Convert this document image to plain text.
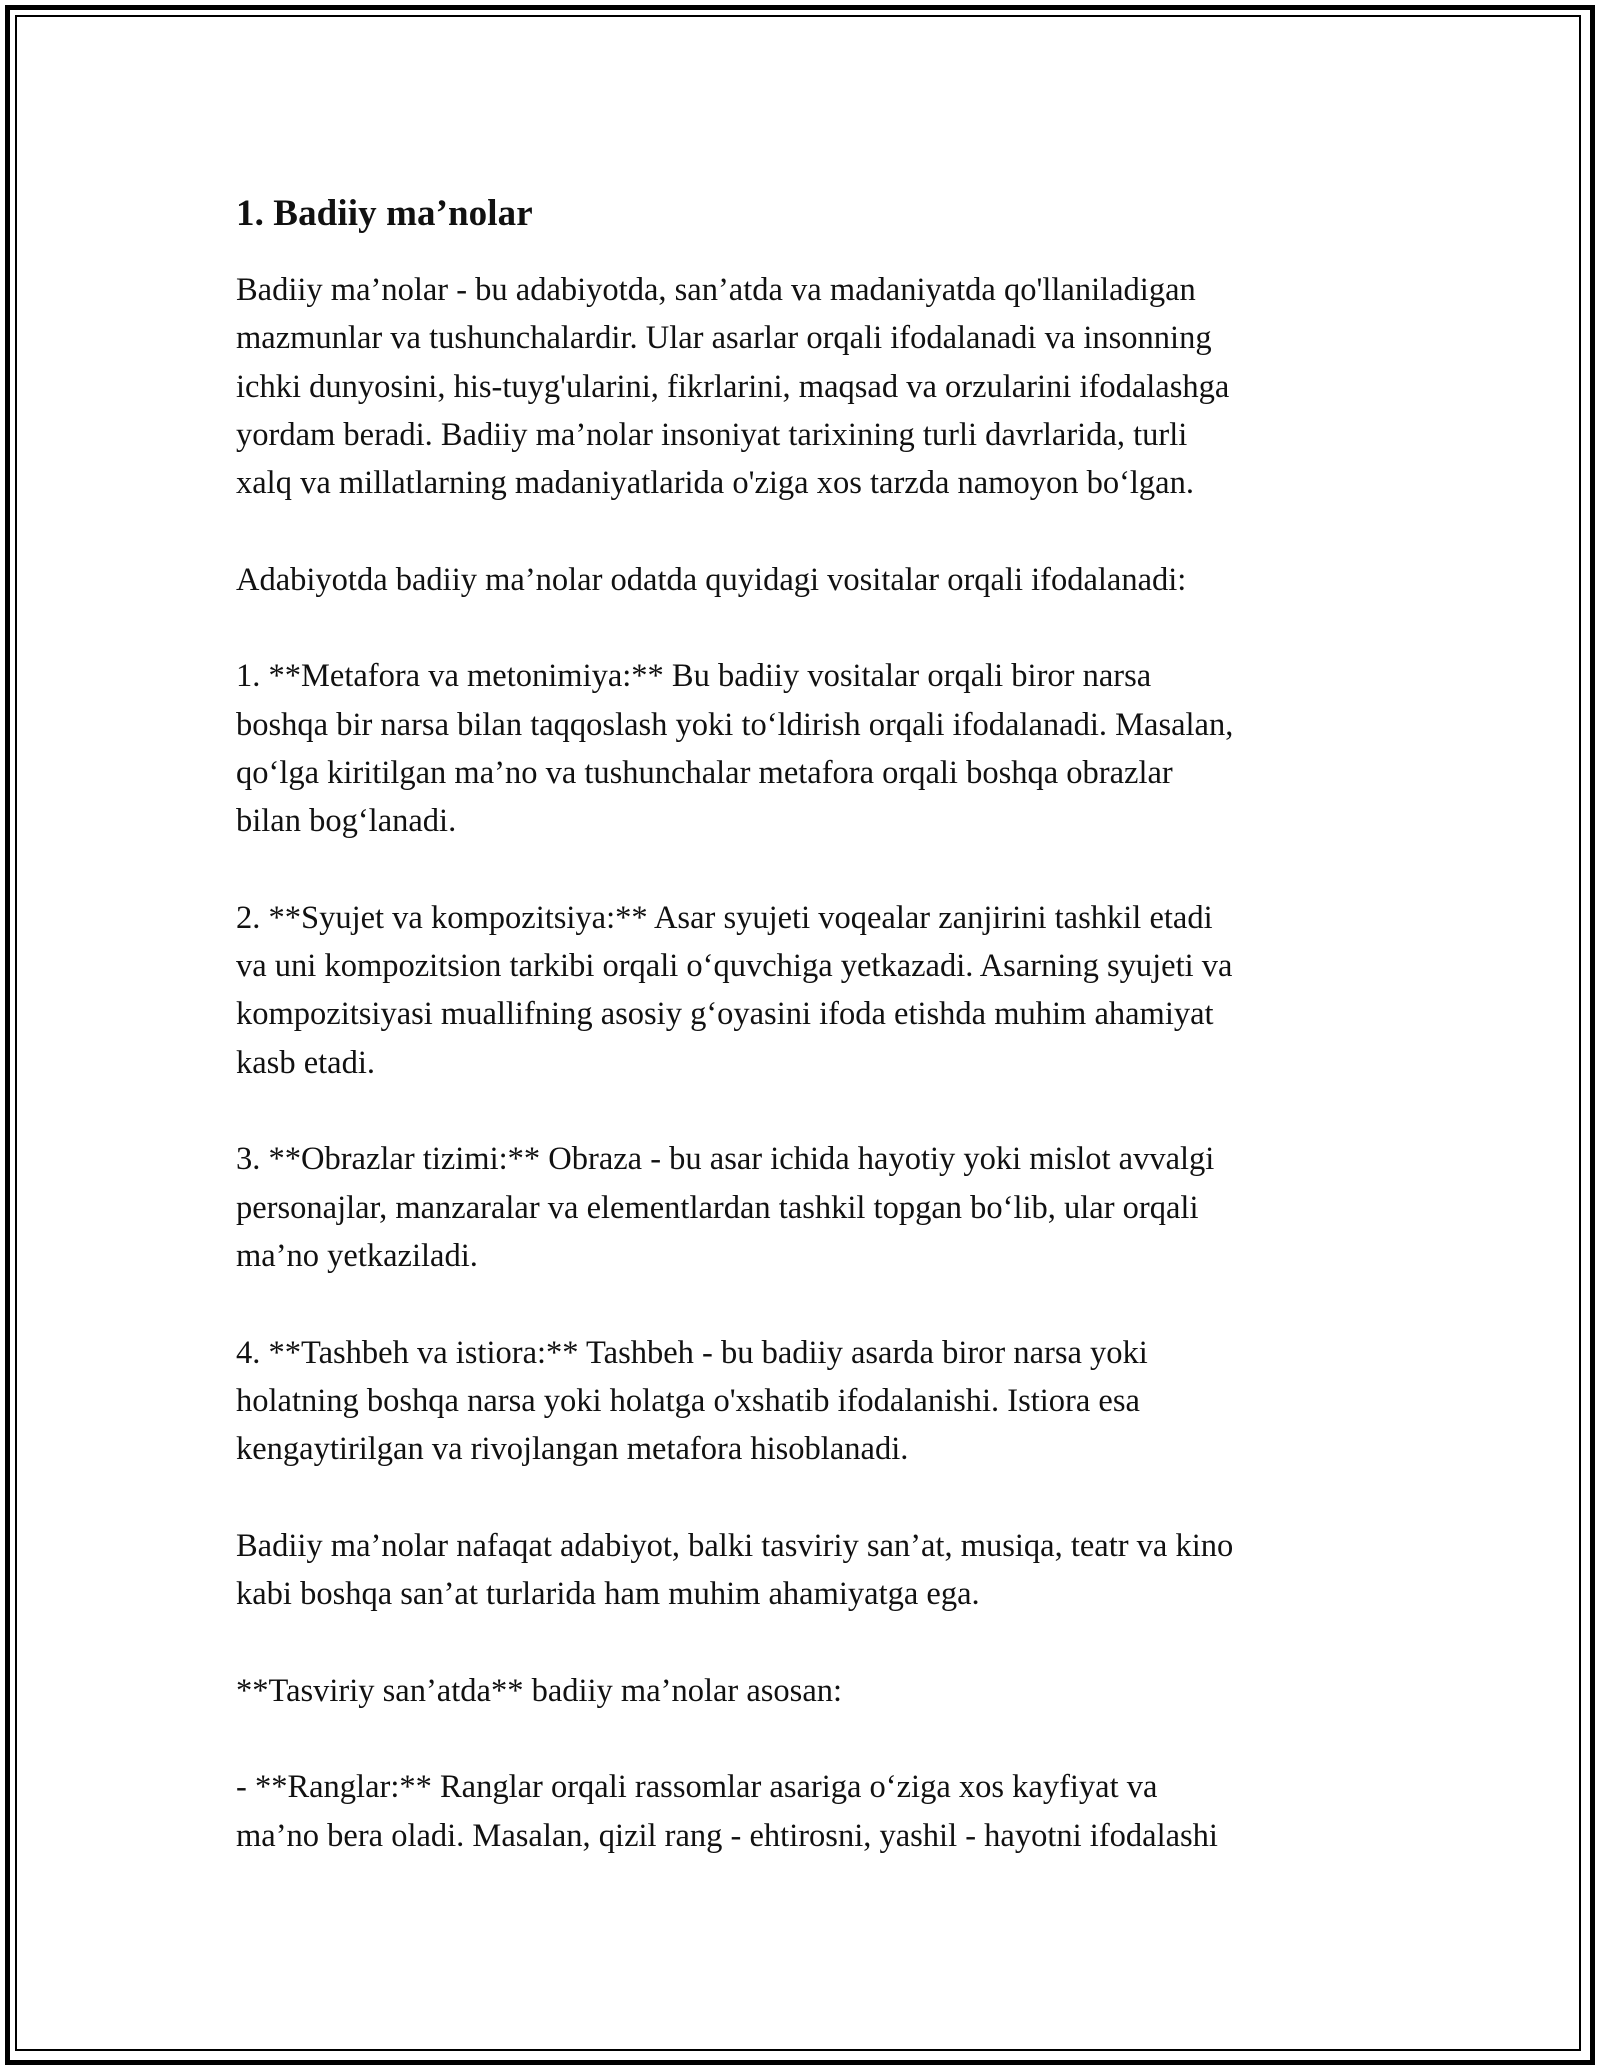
1. Badiiy ma’nolar

Badiiy ma’nolar - bu adabiyotda, san’atda va madaniyatda qo'llaniladigan
mazmunlar va tushunchalardir. Ular asarlar orqali ifodalanadi va insonning
ichki dunyosini, his-tuyg'ularini, fikrlarini, maqsad va orzularini ifodalashga
yordam beradi. Badiiy ma’nolar insoniyat tarixining turli davrlarida, turli
xalq va millatlarning madaniyatlarida o'ziga xos tarzda namoyon bo‘lgan.

Adabiyotda badiiy ma’nolar odatda quyidagi vositalar orqali ifodalanadi:

1. **Metafora va metonimiya:** Bu badiiy vositalar orqali biror narsa
boshqa bir narsa bilan taqqoslash yoki to‘ldirish orqali ifodalanadi. Masalan,
qo‘lga kiritilgan ma’no va tushunchalar metafora orqali boshqa obrazlar
bilan bog‘lanadi.

2. **Syujet va kompozitsiya:** Asar syujeti voqealar zanjirini tashkil etadi
va uni kompozitsion tarkibi orqali o‘quvchiga yetkazadi. Asarning syujeti va
kompozitsiyasi muallifning asosiy g‘oyasini ifoda etishda muhim ahamiyat
kasb etadi.

3. **Obrazlar tizimi:** Obraza - bu asar ichida hayotiy yoki mislot avvalgi
personajlar, manzaralar va elementlardan tashkil topgan bo‘lib, ular orqali
ma’no yetkaziladi.

4. **Tashbeh va istiora:** Tashbeh - bu badiiy asarda biror narsa yoki
holatning boshqa narsa yoki holatga o'xshatib ifodalanishi. Istiora esa
kengaytirilgan va rivojlangan metafora hisoblanadi.

Badiiy ma’nolar nafaqat adabiyot, balki tasviriy san’at, musiqa, teatr va kino
kabi boshqa san’at turlarida ham muhim ahamiyatga ega.

**Tasviriy san’atda** badiiy ma’nolar asosan:

- **Ranglar:** Ranglar orqali rassomlar asariga o‘ziga xos kayfiyat va
ma’no bera oladi. Masalan, qizil rang - ehtirosni, yashil - hayotni ifodalashi
